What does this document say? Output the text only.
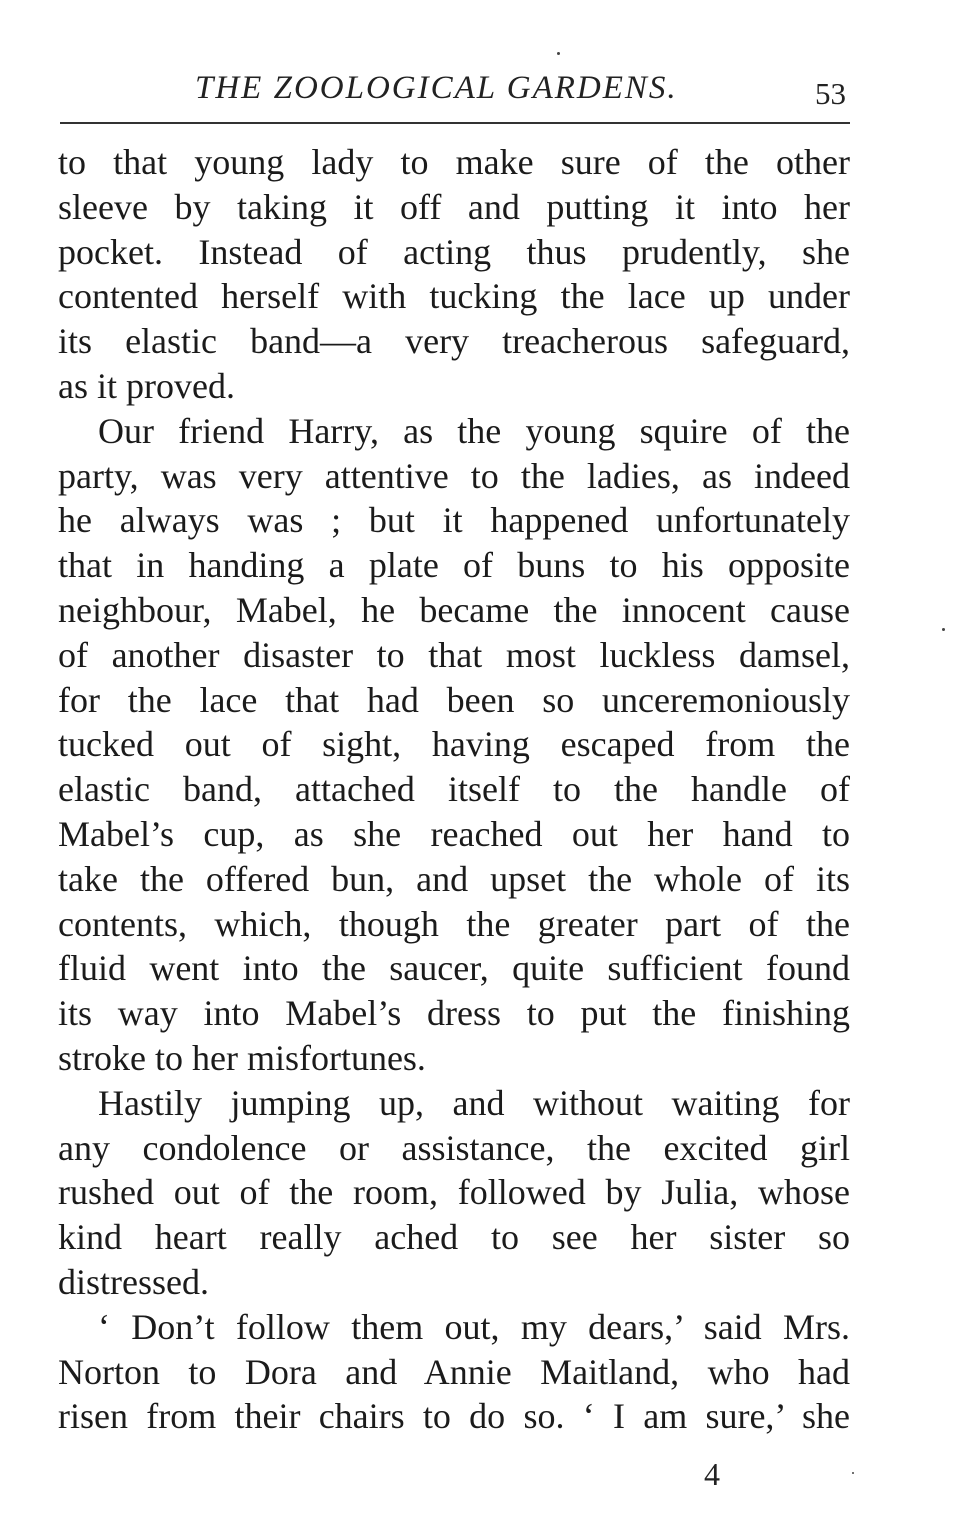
THE ZOOLOGICAL GARDENS.	53
to that young lady to make sure of the other
sleeve by taking it off and putting it into her
pocket. Instead of acting thus prudently, she
contented herself with tucking the lace up under
its elastic band—a very treacherous safeguard,
as it proved.
Our friend Harry, as the young squire of the
party, was very attentive to the ladies, as indeed
he always was ; but it happened unfortunately
that in handing a plate of buns to his opposite
neighbour, Mabel, he became the innocent cause
of another disaster to that most luckless damsel,
for the lace that had been so unceremoniously
tucked out of sight, having escaped from the
elastic band, attached itself to the handle of
Mabel’s cup, as she reached out her hand to
take the offered bun, and upset the whole of its
contents, which, though the greater part of the
fluid went into the saucer, quite sufficient found
its way into Mabel’s dress to put the finishing
stroke to her misfortunes.
Hastily jumping up, and without waiting for
any condolence or assistance, the excited girl
rushed out of the room, followed by Julia, whose
kind heart really ached to see her sister so
distressed.
‘ Don’t follow them out, my dears,’ said Mrs.
Norton to Dora and Annie Maitland, who had
risen from their chairs to do so. ‘ I am sure,’ she
4
